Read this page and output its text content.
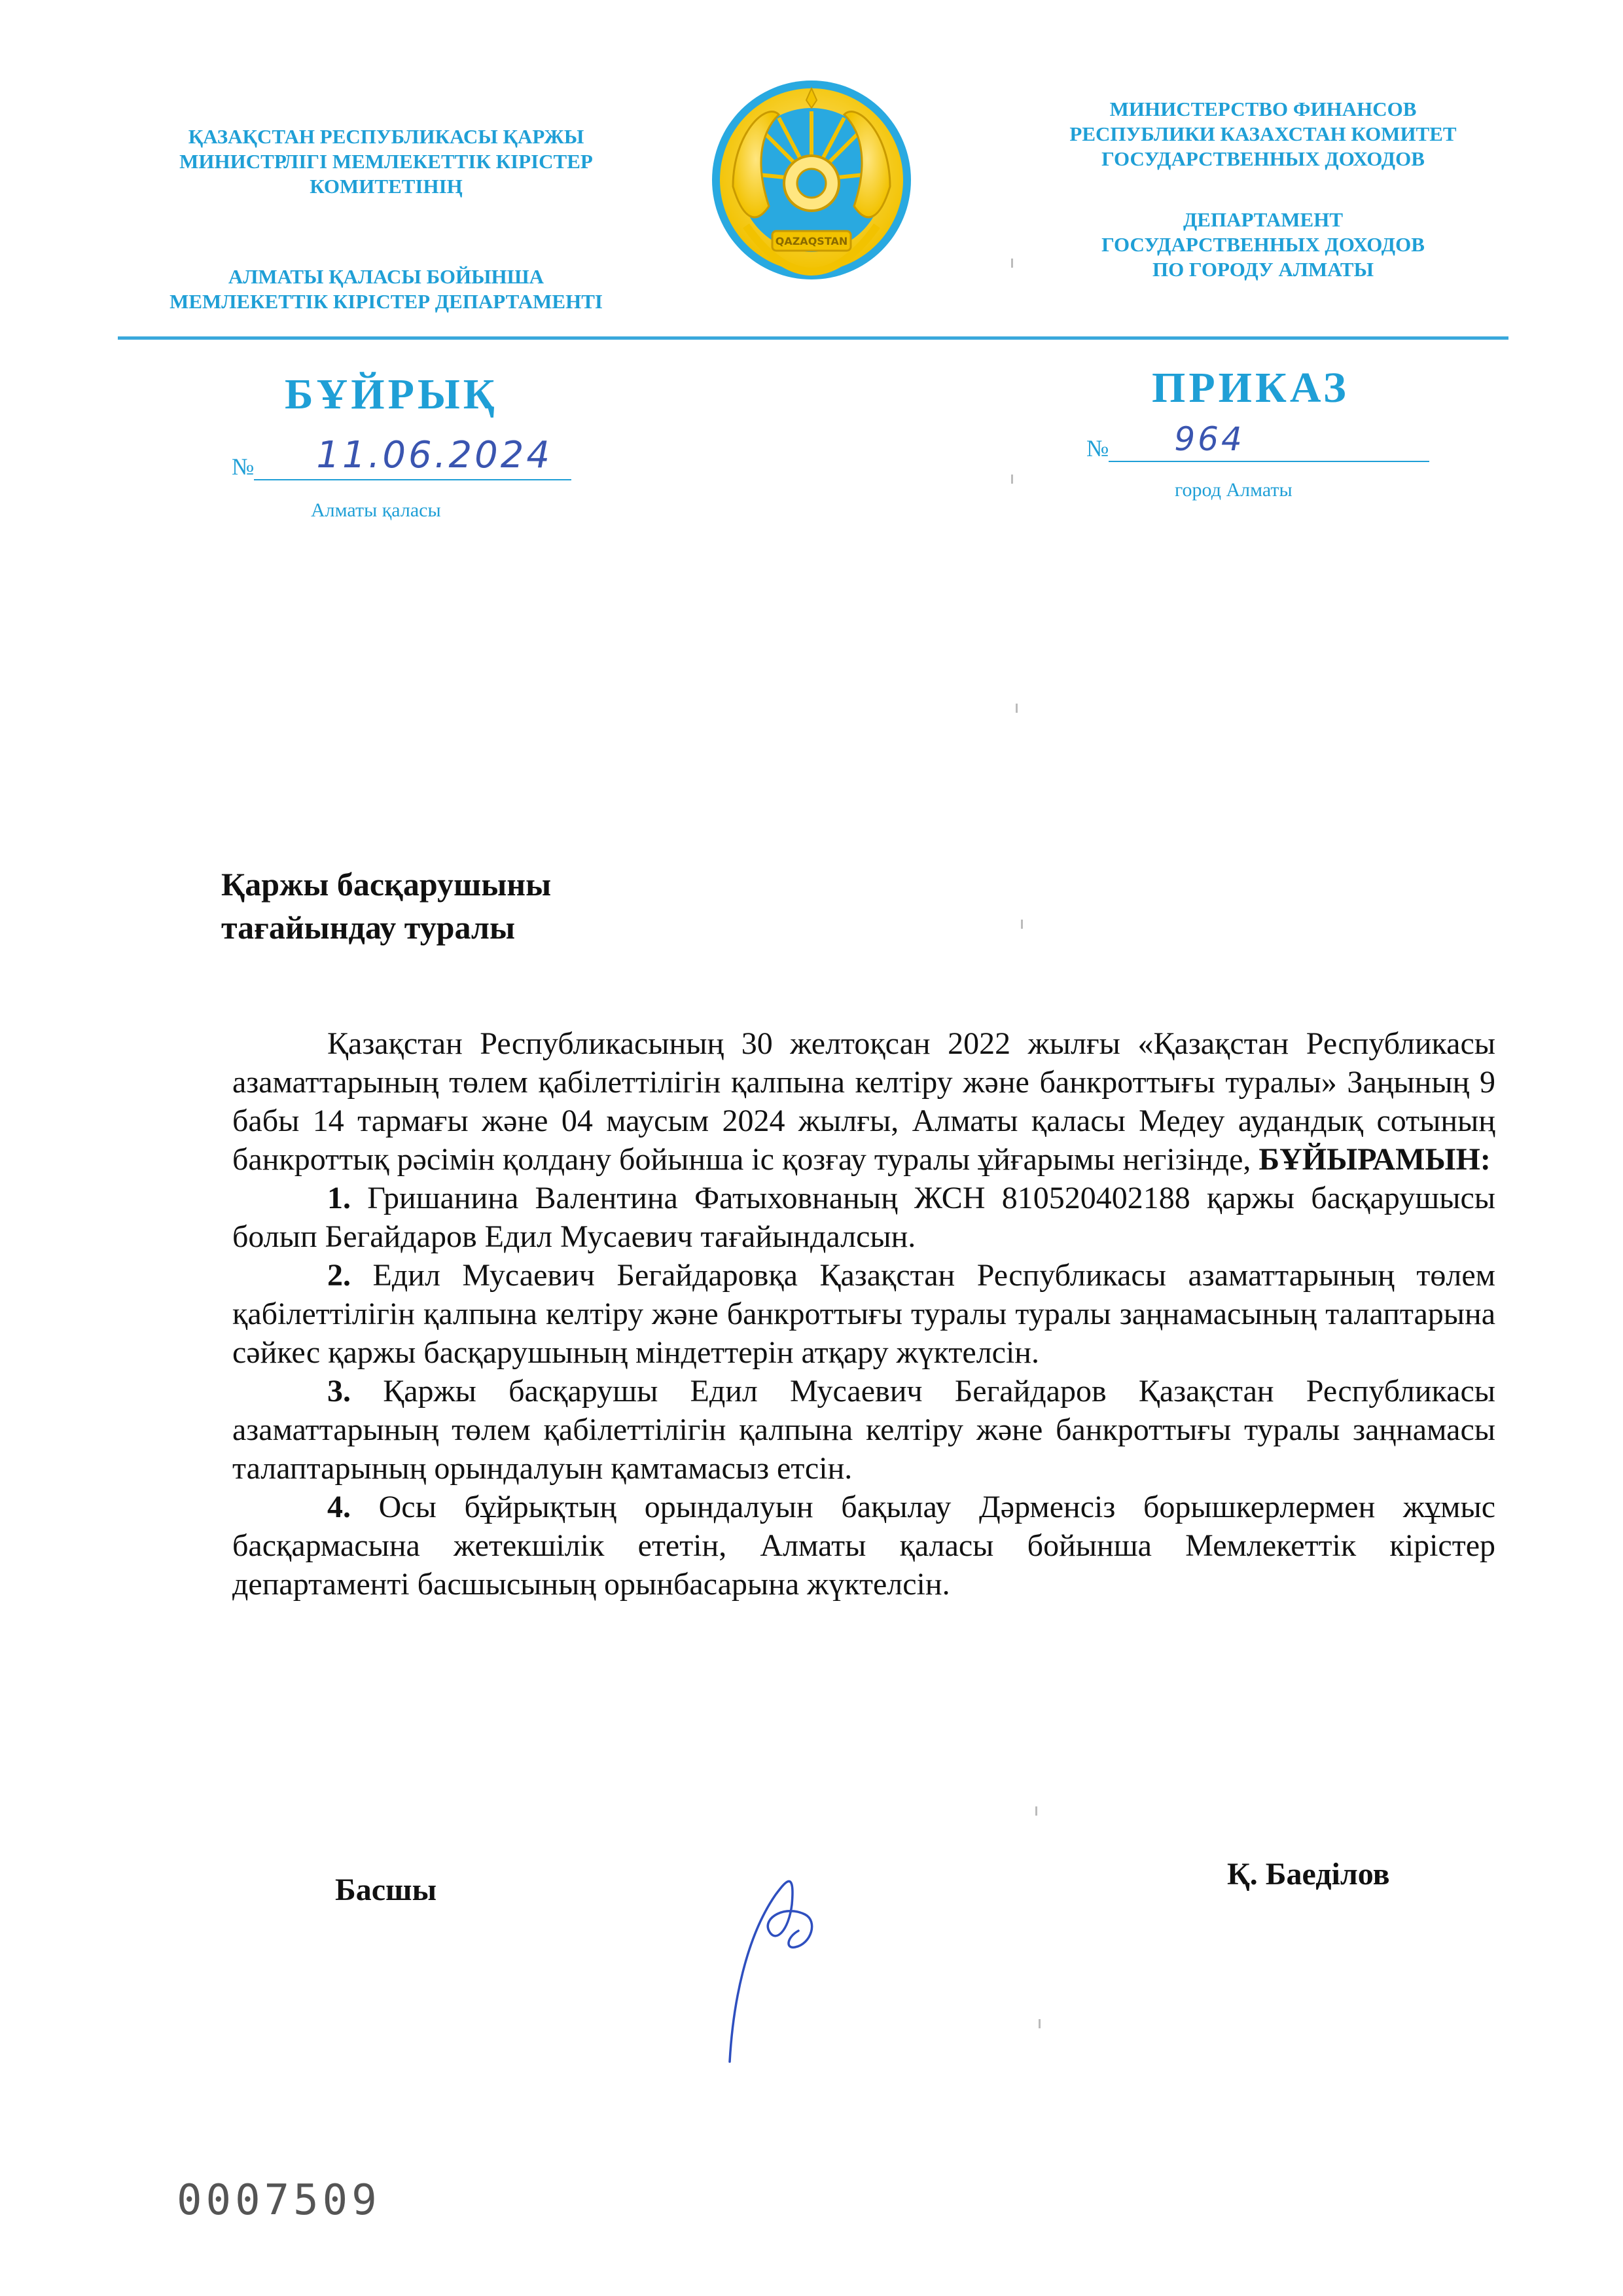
ҚАЗАҚСТАН РЕСПУБЛИКАСЫ ҚАРЖЫ
МИНИСТРЛІГІ МЕМЛЕКЕТТІК КІРІСТЕР
КОМИТЕТІНІҢ
АЛМАТЫ ҚАЛАСЫ БОЙЫНША
МЕМЛЕКЕТТІК КІРІСТЕР ДЕПАРТАМЕНТІ
QAZAQSTAN
МИНИСТЕРСТВО ФИНАНСОВ
РЕСПУБЛИКИ КАЗАХСТАН КОМИТЕТ
ГОСУДАРСТВЕННЫХ ДОХОДОВ
ДЕПАРТАМЕНТ
ГОСУДАРСТВЕННЫХ ДОХОДОВ
ПО ГОРОДУ АЛМАТЫ
БҰЙРЫҚ	ПРИКАЗ
№ 11.06.2024	№ 964
Алматы қаласы
город Алматы
Қаржы басқарушыны
тағайындау туралы

Қазақстан Республикасының 30 желтоқсан 2022 жылғы «Қазақстан Республикасы азаматтарының төлем қабілеттілігін қалпына келтіру және банкроттығы туралы» Заңының 9 бабы 14 тармағы және 04 маусым 2024 жылғы, Алматы қаласы Медеу аудандық сотының банкроттық рәсімін қолдану бойынша іс қозғау туралы ұйғарымы негізінде, БҰЙЫРАМЫН:

1. Гришанина Валентина Фатыховнаның ЖСН 810520402188 қаржы басқарушысы болып Бегайдаров Едил Мусаевич тағайындалсын.

2. Едил Мусаевич Бегайдаровқа Қазақстан Республикасы азаматтарының төлем қабілеттілігін қалпына келтіру және банкроттығы туралы туралы заңнамасының талаптарына сәйкес қаржы басқарушының міндеттерін атқару жүктелсін.

3. Қаржы басқарушы Едил Мусаевич Бегайдаров Қазақстан Республикасы азаматтарының төлем қабілеттілігін қалпына келтіру және банкроттығы туралы заңнамасы талаптарының орындалуын қамтамасыз етсін.

4. Осы бұйрықтың орындалуын бақылау Дәрменсіз борышкерлермен жұмыс басқармасына жетекшілік ететін, Алматы қаласы бойынша Мемлекеттік кірістер департаменті басшысының орынбасарына жүктелсін.

Басшы	Қ. Баеділов
0007509
